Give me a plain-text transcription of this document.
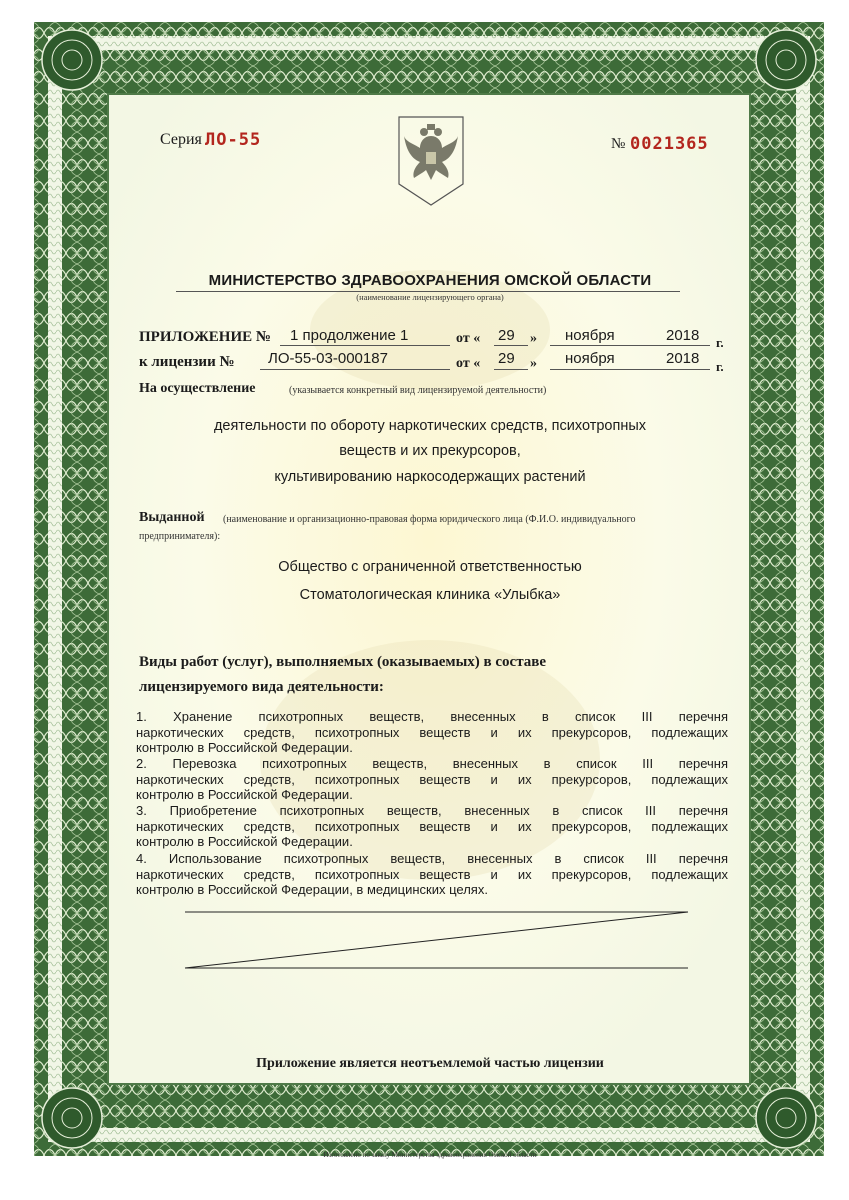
Серия ЛО-55	№ 0021365
МИНИСТЕРСТВО ЗДРАВООХРАНЕНИЯ ОМСКОЙ ОБЛАСТИ
(наименование лицензирующего органа)
ПРИЛОЖЕНИЕ № 1 продолжение 1	от « 29 » ноября	2018 г.
к лицензии № ЛО-55-03-000187	от « 29 » ноября	2018 г.
На осуществление	(указывается конкретный вид лицензируемой деятельности)
деятельности по обороту наркотических средств, психотропных
веществ и их прекурсоров,
культивированию наркосодержащих растений
Выданной (наименование и организационно-правовая форма юридического лица (Ф.И.О. индивидуального
предпринимателя):
Общество с ограниченной ответственностью
Стоматологическая клиника «Улыбка»
Виды работ (услуг), выполняемых (оказываемых) в составе
лицензируемого вида деятельности:
1. Хранение психотропных веществ, внесенных в список III перечня
наркотических средств, психотропных веществ и их прекурсоров, подлежащих
контролю в Российской Федерации.
2. Перевозка психотропных веществ, внесенных в список III перечня
наркотических средств, психотропных веществ и их прекурсоров, подлежащих
контролю в Российской Федерации.
3. Приобретение психотропных веществ, внесенных в список III перечня
наркотических средств, психотропных веществ и их прекурсоров, подлежащих
контролю в Российской Федерации.
4. Использование психотропных веществ, внесенных в список III перечня
наркотических средств, психотропных веществ и их прекурсоров, подлежащих
контролю в Российской Федерации, в медицинских целях.
Приложение является неотъемлемой частью лицензии
Изготовлено по заказу Министерства здравоохранения Омской области
